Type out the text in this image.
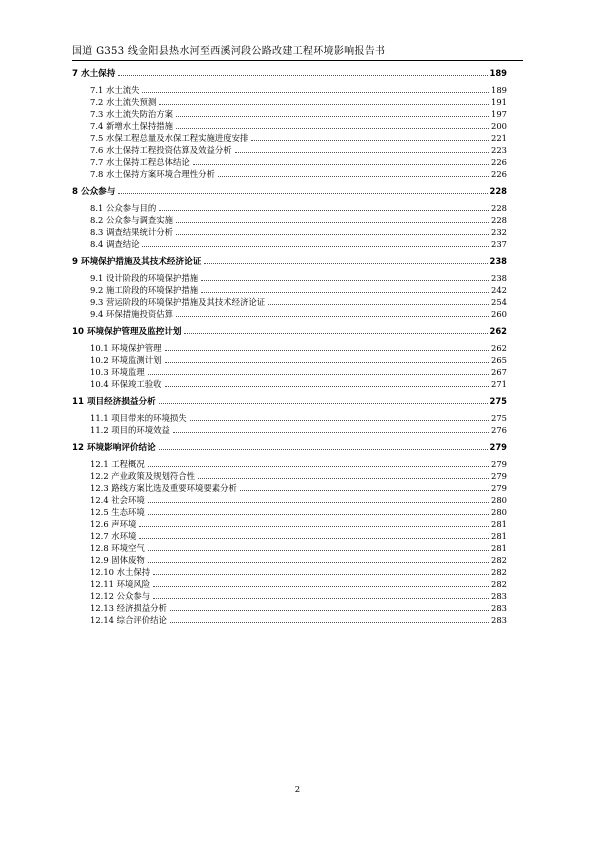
国道 G353 线金阳县热水河至西溪河段公路改建工程环境影响报告书
7 水土保持	189
7.1 水土流失	189
7.2 水土流失预测	191
7.3 水土流失防治方案	197
7.4 新增水土保持措施	200
7.5 水保工程总量及水保工程实施进度安排	221
7.6 水土保持工程投资估算及效益分析	223
7.7 水土保持工程总体结论	226
7.8 水土保持方案环境合理性分析	226
8 公众参与	228
8.1 公众参与目的	228
8.2 公众参与调查实施	228
8.3 调查结果统计分析	232
8.4 调查结论	237
9 环境保护措施及其技术经济论证	238
9.1 设计阶段的环境保护措施	238
9.2 施工阶段的环境保护措施	242
9.3 营运阶段的环境保护措施及其技术经济论证	254
9.4 环保措施投资估算	260
10 环境保护管理及监控计划	262
10.1 环境保护管理	262
10.2 环境监测计划	265
10.3 环境监理	267
10.4 环保竣工验收	271
11 项目经济损益分析	275
11.1 项目带来的环境损失	275
11.2 项目的环境效益	276
12 环境影响评价结论	279
12.1 工程概况	279
12.2 产业政策及规划符合性	279
12.3 路线方案比选及重要环境要素分析	279
12.4 社会环境	280
12.5 生态环境	280
12.6 声环境	281
12.7 水环境	281
12.8 环境空气	281
12.9 固体废物	282
12.10 水土保持	282
12.11 环境风险	282
12.12 公众参与	283
12.13 经济损益分析	283
12.14 综合评价结论	283
2
